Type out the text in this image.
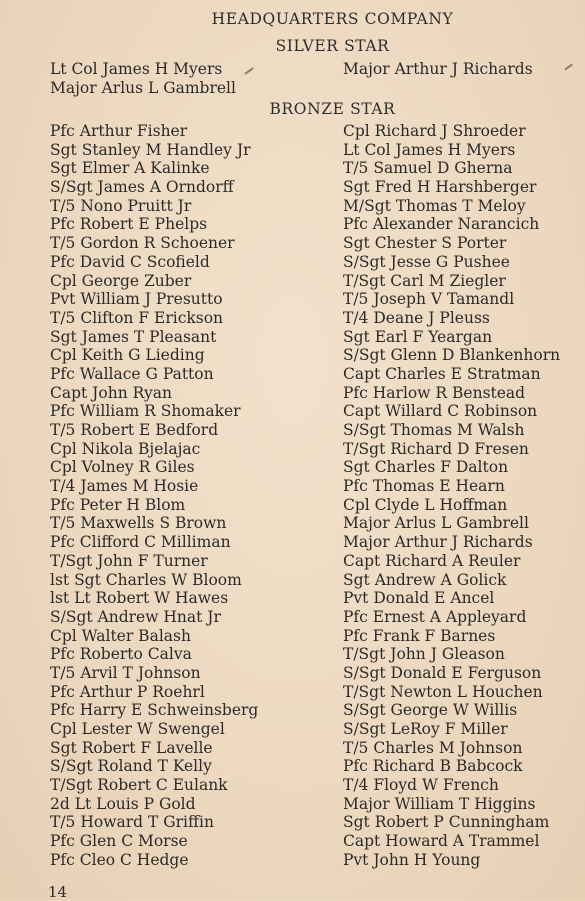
HEADQUARTERS COMPANY
SILVER STAR
Lt Col James H Myers
Major Arlus L Gambrell
Major Arthur J Richards
BRONZE STAR
Pfc Arthur Fisher
Sgt Stanley M Handley Jr
Sgt Elmer A Kalinke
S/Sgt James A Orndorff
T/5 Nono Pruitt Jr
Pfc Robert E Phelps
T/5 Gordon R Schoener
Pfc David C Scofield
Cpl George Zuber
Pvt William J Presutto
T/5 Clifton F Erickson
Sgt James T Pleasant
Cpl Keith G Lieding
Pfc Wallace G Patton
Capt John Ryan
Pfc William R Shomaker
T/5 Robert E Bedford
Cpl Nikola Bjelajac
Cpl Volney R Giles
T/4 James M Hosie
Pfc Peter H Blom
T/5 Maxwells S Brown
Pfc Clifford C Milliman
T/Sgt John F Turner
lst Sgt Charles W Bloom
lst Lt Robert W Hawes
S/Sgt Andrew Hnat Jr
Cpl Walter Balash
Pfc Roberto Calva
T/5 Arvil T Johnson
Pfc Arthur P Roehrl
Pfc Harry E Schweinsberg
Cpl Lester W Swengel
Sgt Robert F Lavelle
S/Sgt Roland T Kelly
T/Sgt Robert C Eulank
2d Lt Louis P Gold
T/5 Howard T Griffin
Pfc Glen C Morse
Pfc Cleo C Hedge
Cpl Richard J Shroeder
Lt Col James H Myers
T/5 Samuel D Gherna
Sgt Fred H Harshberger
M/Sgt Thomas T Meloy
Pfc Alexander Narancich
Sgt Chester S Porter
S/Sgt Jesse G Pushee
T/Sgt Carl M Ziegler
T/5 Joseph V Tamandl
T/4 Deane J Pleuss
Sgt Earl F Yeargan
S/Sgt Glenn D Blankenhorn
Capt Charles E Stratman
Pfc Harlow R Benstead
Capt Willard C Robinson
S/Sgt Thomas M Walsh
T/Sgt Richard D Fresen
Sgt Charles F Dalton
Pfc Thomas E Hearn
Cpl Clyde L Hoffman
Major Arlus L Gambrell
Major Arthur J Richards
Capt Richard A Reuler
Sgt Andrew A Golick
Pvt Donald E Ancel
Pfc Ernest A Appleyard
Pfc Frank F Barnes
T/Sgt John J Gleason
S/Sgt Donald E Ferguson
T/Sgt Newton L Houchen
S/Sgt George W Willis
S/Sgt LeRoy F Miller
T/5 Charles M Johnson
Pfc Richard B Babcock
T/4 Floyd W French
Major William T Higgins
Sgt Robert P Cunningham
Capt Howard A Trammel
Pvt John H Young
14
